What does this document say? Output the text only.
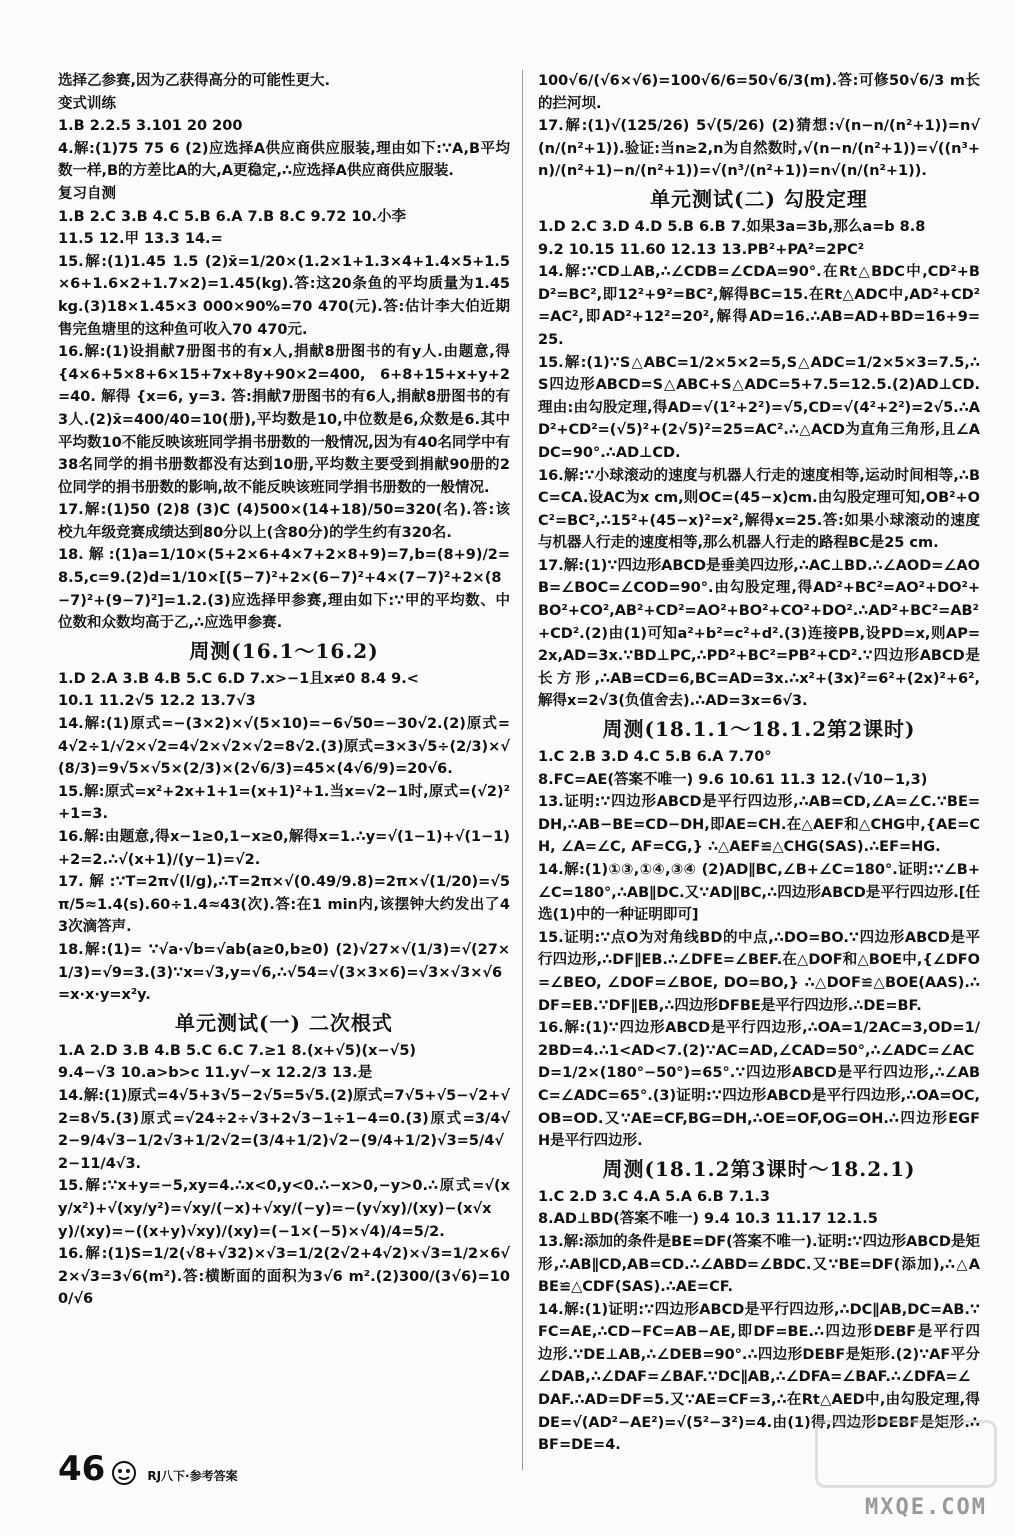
选择乙参赛,因为乙获得高分的可能性更大.

变式训练

1.B 2.2.5 3.101 20 200

4.解:(1)75 75 6 (2)应选择A供应商供应服装,理由如下:∵A,B平均数一样,B的方差比A的大,A更稳定,∴应选择A供应商供应服装.

复习自测

1.B 2.C 3.B 4.C 5.B 6.A 7.B 8.C 9.72 10.小李

11.5 12.甲 13.3 14.=

15.解:(1)1.45 1.5 (2)x̄=1/20×(1.2×1+1.3×4+1.4×5+1.5×6+1.6×2+1.7×2)=1.45(kg).答:这20条鱼的平均质量为1.45 kg.(3)18×1.45×3 000×90%=70 470(元).答:估计李大伯近期售完鱼塘里的这种鱼可收入70 470元.

16.解:(1)设捐献7册图书的有x人,捐献8册图书的有y人.由题意,得 {4×6+5×8+6×15+7x+8y+90×2=400, 6+8+15+x+y+2=40. 解得 {x=6, y=3. 答:捐献7册图书的有6人,捐献8册图书的有3人.(2)x̄=400/40=10(册),平均数是10,中位数是6,众数是6.其中平均数10不能反映该班同学捐书册数的一般情况,因为有40名同学中有38名同学的捐书册数都没有达到10册,平均数主要受到捐献90册的2位同学的捐书册数的影响,故不能反映该班同学捐书册数的一般情况.

17.解:(1)50 (2)8 (3)C (4)500×(14+18)/50=320(名).答:该校九年级竞赛成绩达到80分以上(含80分)的学生约有320名.

18.解:(1)a=1/10×(5+2×6+4×7+2×8+9)=7,b=(8+9)/2=8.5,c=9.(2)d=1/10×[(5−7)²+2×(6−7)²+4×(7−7)²+2×(8−7)²+(9−7)²]=1.2.(3)应选择甲参赛,理由如下:∵甲的平均数、中位数和众数均高于乙,∴应选甲参赛.

周测(16.1～16.2)

1.D 2.A 3.B 4.B 5.C 6.D 7.x>−1且x≠0 8.4 9.<

10.1 11.2√5 12.2 13.7√3

14.解:(1)原式=−(3×2)×√(5×10)=−6√50=−30√2.(2)原式=4√2÷1/√2×√2=4√2×√2×√2=8√2.(3)原式=3×3√5÷(2/3)×√(8/3)=9√5×√5×(2/3)×(2√6/3)=45×(4√6/9)=20√6.

15.解:原式=x²+2x+1+1=(x+1)²+1.当x=√2−1时,原式=(√2)²+1=3.

16.解:由题意,得x−1≥0,1−x≥0,解得x=1.∴y=√(1−1)+√(1−1)+2=2.∴√(x+1)/(y−1)=√2.

17.解:∵T=2π√(l/g),∴T=2π×√(0.49/9.8)=2π×√(1/20)=√5π/5≈1.4(s).60÷1.4≈43(次).答:在1 min内,该摆钟大约发出了43次滴答声.

18.解:(1)= ∵√a·√b=√ab(a≥0,b≥0) (2)√27×√(1/3)=√(27×1/3)=√9=3.(3)∵x=√3,y=√6,∴√54=√(3×3×6)=√3×√3×√6=x·x·y=x²y.

单元测试(一) 二次根式

1.A 2.D 3.B 4.B 5.C 6.C 7.≥1 8.(x+√5)(x−√5)

9.4−√3 10.a>b>c 11.y√−x 12.2/3 13.是

14.解:(1)原式=4√5+3√5−2√5=5√5.(2)原式=7√5+√5−√2+√2=8√5.(3)原式=√24÷2÷√3+2√3−1÷1−4=0.(3)原式=3/4√2−9/4√3−1/2√3+1/2√2=(3/4+1/2)√2−(9/4+1/2)√3=5/4√2−11/4√3.

15.解:∵x+y=−5,xy=4.∴x<0,y<0.∴−x>0,−y>0.∴原式=√(xy/x²)+√(xy/y²)=√xy/(−x)+√xy/(−y)=−(y√xy)/(xy)−(x√xy)/(xy)=−((x+y)√xy)/(xy)=(−1×(−5)×√4)/4=5/2.

16.解:(1)S=1/2(√8+√32)×√3=1/2(2√2+4√2)×√3=1/2×6√2×√3=3√6(m²).答:横断面的面积为3√6 m².(2)300/(3√6)=100/√6

100√6/(√6×√6)=100√6/6=50√6/3(m).答:可修50√6/3 m长的拦河坝.

17.解:(1)√(125/26) 5√(5/26) (2)猜想:√(n−n/(n²+1))=n√(n/(n²+1)).验证:当n≥2,n为自然数时,√(n−n/(n²+1))=√((n³+n)/(n²+1)−n/(n²+1))=√(n³/(n²+1))=n√(n/(n²+1)).

单元测试(二) 勾股定理

1.D 2.C 3.D 4.D 5.B 6.B 7.如果3a=3b,那么a=b 8.8

9.2 10.15 11.60 12.13 13.PB²+PA²=2PC²

14.解:∵CD⊥AB,∴∠CDB=∠CDA=90°.在Rt△BDC中,CD²+BD²=BC²,即12²+9²=BC²,解得BC=15.在Rt△ADC中,AD²+CD²=AC²,即AD²+12²=20²,解得AD=16.∴AB=AD+BD=16+9=25.

15.解:(1)∵S△ABC=1/2×5×2=5,S△ADC=1/2×5×3=7.5,∴S四边形ABCD=S△ABC+S△ADC=5+7.5=12.5.(2)AD⊥CD.理由:由勾股定理,得AD=√(1²+2²)=√5,CD=√(4²+2²)=2√5.∴AD²+CD²=(√5)²+(2√5)²=25=AC².∴△ACD为直角三角形,且∠ADC=90°.∴AD⊥CD.

16.解:∵小球滚动的速度与机器人行走的速度相等,运动时间相等,∴BC=CA.设AC为x cm,则OC=(45−x)cm.由勾股定理可知,OB²+OC²=BC²,∴15²+(45−x)²=x²,解得x=25.答:如果小球滚动的速度与机器人行走的速度相等,那么机器人行走的路程BC是25 cm.

17.解:(1)∵四边形ABCD是垂美四边形,∴AC⊥BD.∴∠AOD=∠AOB=∠BOC=∠COD=90°.由勾股定理,得AD²+BC²=AO²+DO²+BO²+CO²,AB²+CD²=AO²+BO²+CO²+DO².∴AD²+BC²=AB²+CD².(2)由(1)可知a²+b²=c²+d².(3)连接PB,设PD=x,则AP=2x,AD=3x.∵BD⊥PC,∴PD²+BC²=PB²+CD².∵四边形ABCD是长方形,∴AB=CD=6,BC=AD=3x.∴x²+(3x)²=6²+(2x)²+6²,解得x=2√3(负值舍去).∴AD=3x=6√3.

周测(18.1.1～18.1.2第2课时)

1.C 2.B 3.D 4.C 5.B 6.A 7.70°

8.FC=AE(答案不唯一) 9.6 10.61 11.3 12.(√10−1,3)

13.证明:∵四边形ABCD是平行四边形,∴AB=CD,∠A=∠C.∵BE=DH,∴AB−BE=CD−DH,即AE=CH.在△AEF和△CHG中,{AE=CH, ∠A=∠C, AF=CG,} ∴△AEF≌△CHG(SAS).∴EF=HG.

14.解:(1)①③,①④,③④ (2)AD∥BC,∠B+∠C=180°.证明:∵∠B+∠C=180°,∴AB∥DC.又∵AD∥BC,∴四边形ABCD是平行四边形.[任选(1)中的一种证明即可]

15.证明:∵点O为对角线BD的中点,∴DO=BO.∵四边形ABCD是平行四边形,∴DF∥EB.∴∠DFE=∠BEF.在△DOF和△BOE中,{∠DFO=∠BEO, ∠DOF=∠BOE, DO=BO,} ∴△DOF≌△BOE(AAS).∴DF=EB.∵DF∥EB,∴四边形DFBE是平行四边形.∴DE=BF.

16.解:(1)∵四边形ABCD是平行四边形,∴OA=1/2AC=3,OD=1/2BD=4.∴1<AD<7.(2)∵AC=AD,∠CAD=50°,∴∠ADC=∠ACD=1/2×(180°−50°)=65°.∵四边形ABCD是平行四边形,∴∠ABC=∠ADC=65°.(3)证明:∵四边形ABCD是平行四边形,∴OA=OC,OB=OD.又∵AE=CF,BG=DH,∴OE=OF,OG=OH.∴四边形EGFH是平行四边形.

周测(18.1.2第3课时～18.2.1)

1.C 2.D 3.C 4.A 5.A 6.B 7.1.3

8.AD⊥BD(答案不唯一) 9.4 10.3 11.17 12.1.5

13.解:添加的条件是BE=DF(答案不唯一).证明:∵四边形ABCD是矩形,∴AB∥CD,AB=CD.∴∠ABD=∠BDC.又∵BE=DF(添加),∴△ABE≌△CDF(SAS).∴AE=CF.

14.解:(1)证明:∵四边形ABCD是平行四边形,∴DC∥AB,DC=AB.∵FC=AE,∴CD−FC=AB−AE,即DF=BE.∴四边形DEBF是平行四边形.∵DE⊥AB,∴∠DEB=90°.∴四边形DEBF是矩形.(2)∵AF平分∠DAB,∴∠DAF=∠BAF.∵DC∥AB,∴∠DFA=∠BAF.∴∠DFA=∠DAF.∴AD=DF=5.又∵AE=CF=3,∴在Rt△AED中,由勾股定理,得DE=√(AD²−AE²)=√(5²−3²)=4.由(1)得,四边形DEBF是矩形.∴BF=DE=4.

46	RJ八下·参考答案
MXQE.COM
